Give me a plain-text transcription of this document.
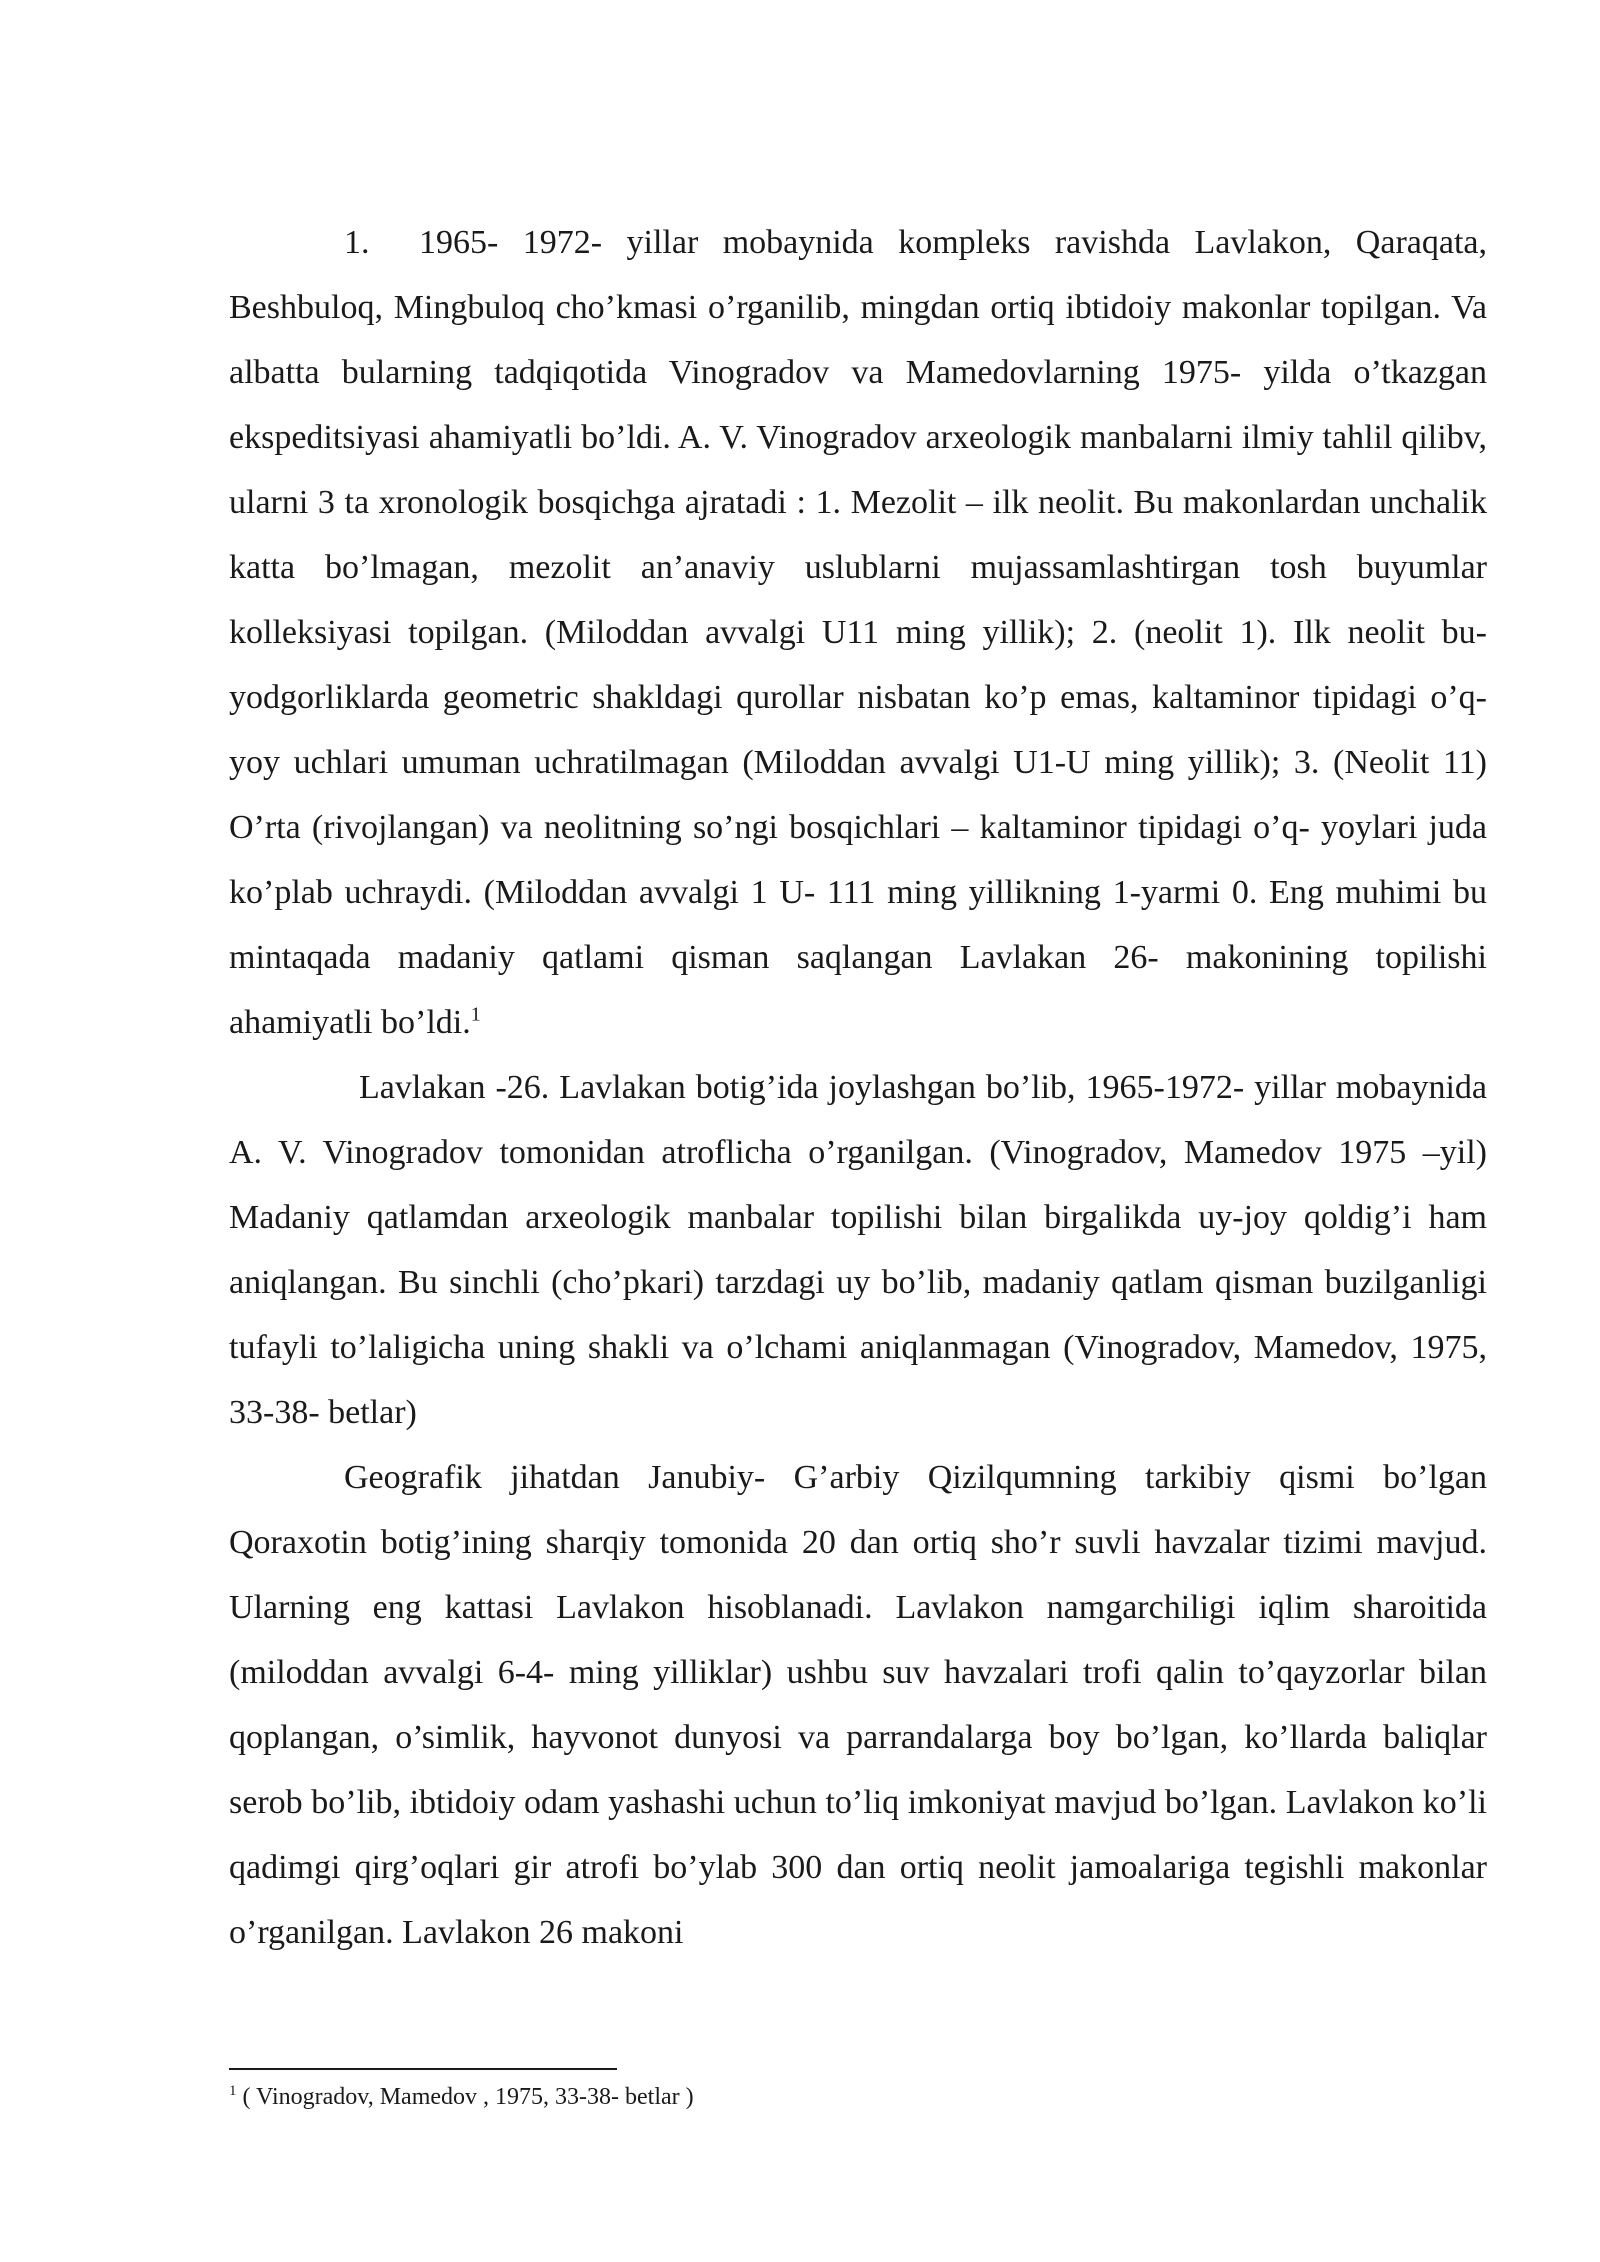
1. 1965- 1972- yillar mobaynida kompleks ravishda Lavlakon, Qaraqata, Beshbuloq, Mingbuloq cho’kmasi o’rganilib, mingdan ortiq ibtidoiy makonlar topilgan. Va albatta bularning tadqiqotida Vinogradov va Mamedovlarning 1975- yilda o’tkazgan ekspeditsiyasi ahamiyatli bo’ldi. A. V. Vinogradov arxeologik manbalarni ilmiy tahlil qilibv, ularni 3 ta xronologik bosqichga ajratadi : 1. Mezolit – ilk neolit. Bu makonlardan unchalik katta bo’lmagan, mezolit an’anaviy uslublarni mujassamlashtirgan tosh buyumlar kolleksiyasi topilgan. (Miloddan avvalgi U11 ming yillik); 2. (neolit 1). Ilk neolit bu- yodgorliklarda geometric shakldagi qurollar nisbatan ko’p emas, kaltaminor tipidagi o’q-yoy uchlari umuman uchratilmagan (Miloddan avvalgi U1-U ming yillik); 3. (Neolit 11) O’rta (rivojlangan) va neolitning so’ngi bosqichlari – kaltaminor tipidagi o’q- yoylari juda ko’plab uchraydi. (Miloddan avvalgi 1 U- 111 ming yillikning 1-yarmi 0. Eng muhimi bu mintaqada madaniy qatlami qisman saqlangan Lavlakan 26- makonining topilishi ahamiyatli bo’ldi.$^1$

Lavlakan -26. Lavlakan botig’ida joylashgan bo’lib, 1965-1972- yillar mobaynida A. V. Vinogradov tomonidan atroflicha o’rganilgan. (Vinogradov, Mamedov 1975 –yil) Madaniy qatlamdan arxeologik manbalar topilishi bilan birgalikda uy-joy qoldig’i ham aniqlangan. Bu sinchli (cho’pkari) tarzdagi uy bo’lib, madaniy qatlam qisman buzilganligi tufayli to’laligicha uning shakli va o’lchami aniqlanmagan (Vinogradov, Mamedov, 1975, 33-38- betlar)

Geografik jihatdan Janubiy- G’arbiy Qizilqumning tarkibiy qismi bo’lgan Qoraxotin botig’ining sharqiy tomonida 20 dan ortiq sho’r suvli havzalar tizimi mavjud. Ularning eng kattasi Lavlakon hisoblanadi. Lavlakon namgarchiligi iqlim sharoitida (miloddan avvalgi 6-4- ming yilliklar) ushbu suv havzalari trofi qalin to’qayzorlar bilan qoplangan, o’simlik, hayvonot dunyosi va parrandalarga boy bo’lgan, ko’llarda baliqlar serob bo’lib, ibtidoiy odam yashashi uchun to’liq imkoniyat mavjud bo’lgan. Lavlakon ko’li qadimgi qirg’oqlari gir atrofi bo’ylab 300 dan ortiq neolit jamoalariga tegishli makonlar o’rganilgan. Lavlakon 26 makoni

$^1$ ( Vinogradov, Mamedov , 1975, 33-38- betlar )
